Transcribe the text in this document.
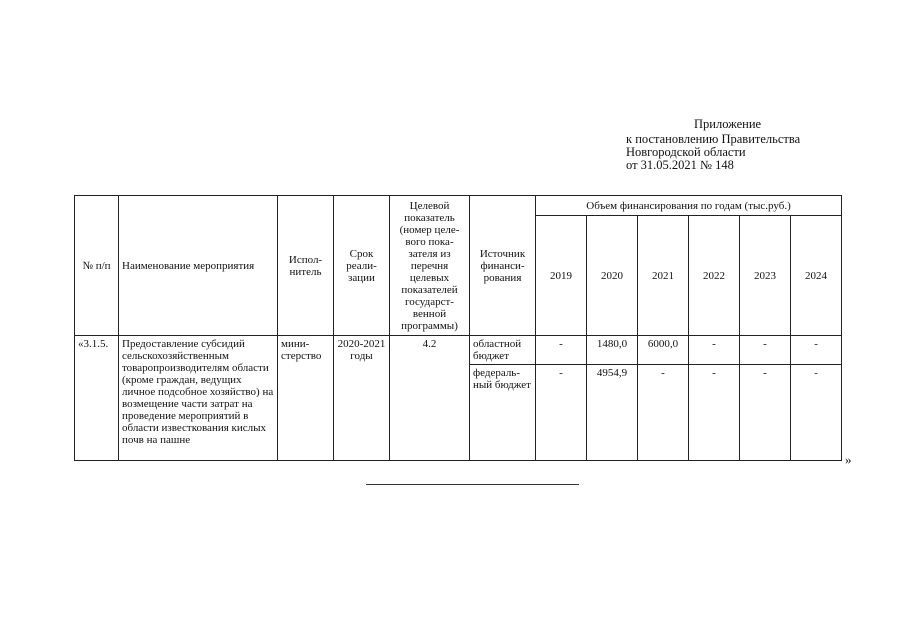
Приложение
к постановлению Правительства
Новгородской области
от 31.05.2021 № 148
№ п/п	Наименование мероприятия	Испол-нитель	Срок реали-зации	Целевой показатель (номер целе-вого пока-зателя из перечня целевых показателей государст-венной программы)	Источник финанси-рования	Объем финансирования по годам (тыс.руб.)					
						2019	2020	2021	2022	2023	2024
«3.1.5.	Предоставление субсидий сельскохозяйственным товаропроизводителям области (кроме граждан, ведущих личное подсобное хозяйство) на возмещение части затрат на проведение мероприятий в области известкования кислых почв на пашне	мини-стерство	2020-2021 годы	4.2	областной бюджет	-	1480,0	6000,0	-	-	-
					федераль-ный бюджет	-	4954,9	-	-	-	-
»
